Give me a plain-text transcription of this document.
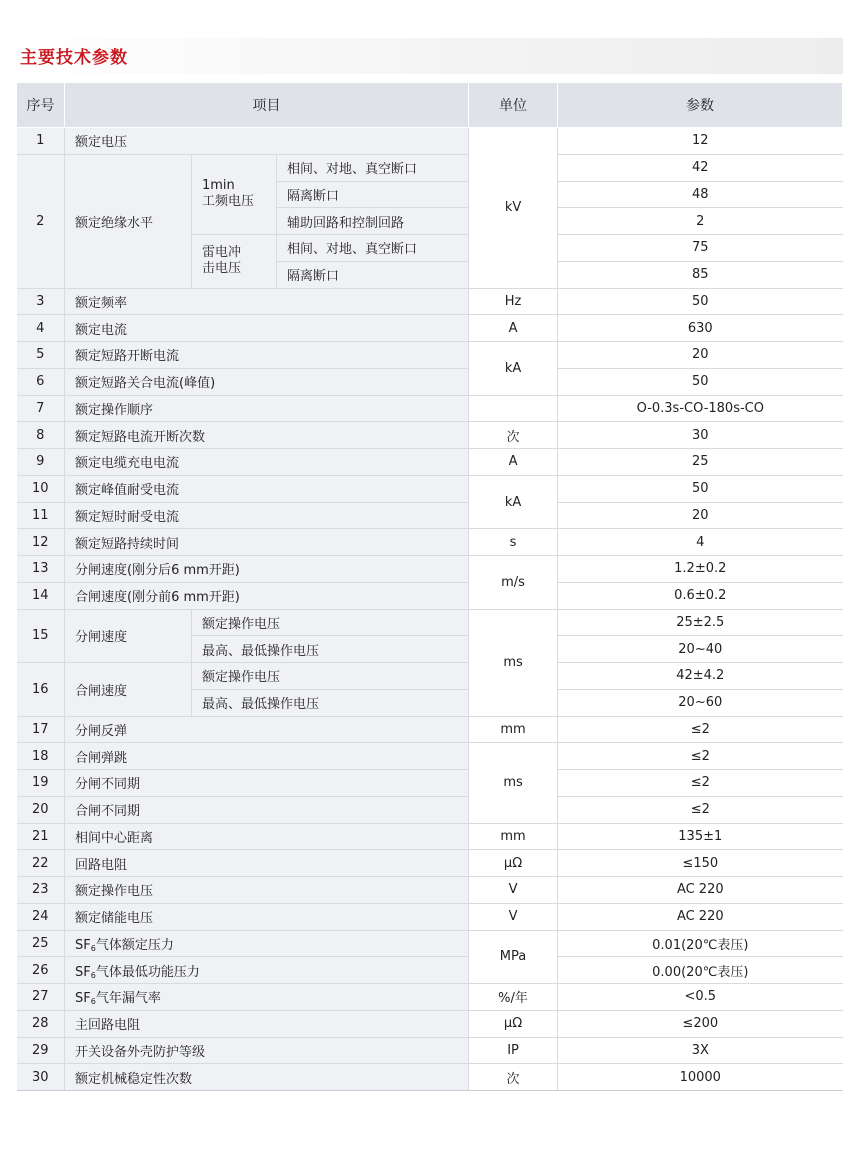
主要技术参数
序号	项目			单位	参数
1	额定电压			kV	12
2	额定绝缘水平	1min
工频电压	相间、对地、真空断口		42
			隔离断口		48
			辅助回路和控制回路		2
		雷电冲
击电压	相间、对地、真空断口		75
			隔离断口		85
3	额定频率			Hz	50
4	额定电流			A	630
5	额定短路开断电流			kA	20
6	额定短路关合电流(峰值)				50
7	额定操作顺序				O-0.3s-CO-180s-CO
8	额定短路电流开断次数			次	30
9	额定电缆充电电流			A	25
10	额定峰值耐受电流			kA	50
11	额定短时耐受电流				20
12	额定短路持续时间			s	4
13	分闸速度(刚分后6 mm开距)			m/s	1.2±0.2
14	合闸速度(刚分前6 mm开距)				0.6±0.2
15	分闸速度	额定操作电压		ms	25±2.5
		最高、最低操作电压			20~40
16	合闸速度	额定操作电压			42±4.2
		最高、最低操作电压			20~60
17	分闸反弹			mm	≤2
18	合闸弹跳			ms	≤2
19	分闸不同期				≤2
20	合闸不同期				≤2
21	相间中心距离			mm	135±1
22	回路电阻			μΩ	≤150
23	额定操作电压			V	AC 220
24	额定储能电压			V	AC 220
25	SF6气体额定压力			MPa	0.01(20℃表压)
26	SF6气体最低功能压力				0.00(20℃表压)
27	SF6气年漏气率			%/年	<0.5
28	主回路电阻			μΩ	≤200
29	开关设备外壳防护等级			IP	3X
30	额定机械稳定性次数			次	10000
